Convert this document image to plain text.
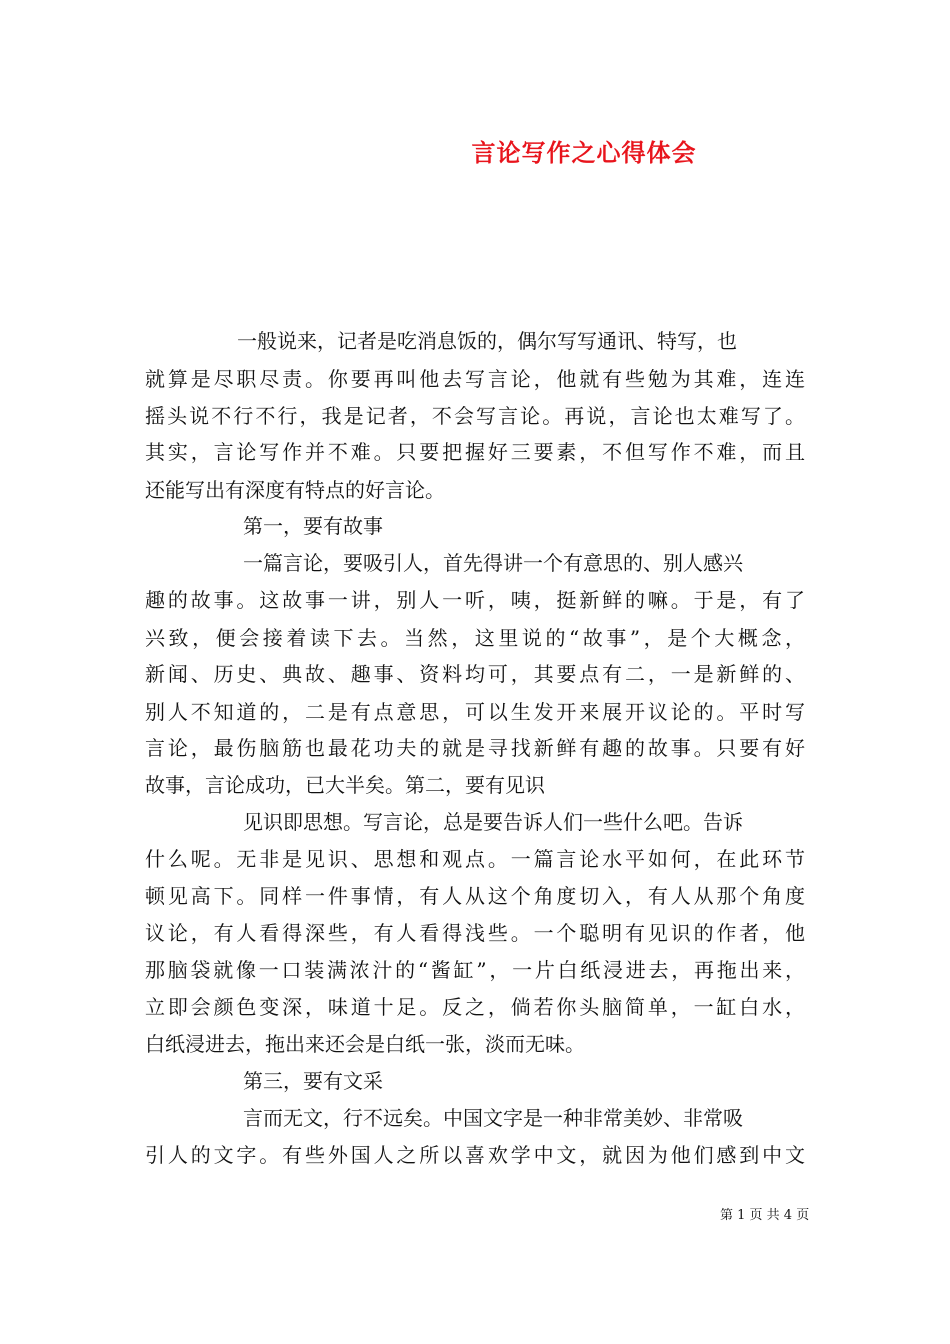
言论写作之心得体会
一般说来，记者是吃消息饭的，偶尔写写通讯、特写，也
就算是尽职尽责。你要再叫他去写言论，他就有些勉为其难，连连
摇头说不行不行，我是记者，不会写言论。再说，言论也太难写了。
其实，言论写作并不难。只要把握好三要素，不但写作不难，而且
还能写出有深度有特点的好言论。
第一，要有故事
一篇言论，要吸引人，首先得讲一个有意思的、别人感兴
趣的故事。这故事一讲，别人一听，咦，挺新鲜的嘛。于是，有了
兴致，便会接着读下去。当然，这里说的“故事”，是个大概念，
新闻、历史、典故、趣事、资料均可，其要点有二，一是新鲜的、
别人不知道的，二是有点意思，可以生发开来展开议论的。平时写
言论，最伤脑筋也最花功夫的就是寻找新鲜有趣的故事。只要有好
故事，言论成功，已大半矣。第二，要有见识
见识即思想。写言论，总是要告诉人们一些什么吧。告诉
什么呢。无非是见识、思想和观点。一篇言论水平如何，在此环节
顿见高下。同样一件事情，有人从这个角度切入，有人从那个角度
议论，有人看得深些，有人看得浅些。一个聪明有见识的作者，他
那脑袋就像一口装满浓汁的“酱缸”，一片白纸浸进去，再拖出来，
立即会颜色变深，味道十足。反之，倘若你头脑简单，一缸白水，
白纸浸进去，拖出来还会是白纸一张，淡而无味。
第三，要有文采
言而无文，行不远矣。中国文字是一种非常美妙、非常吸
引人的文字。有些外国人之所以喜欢学中文，就因为他们感到中文
第 1 页 共 4 页
